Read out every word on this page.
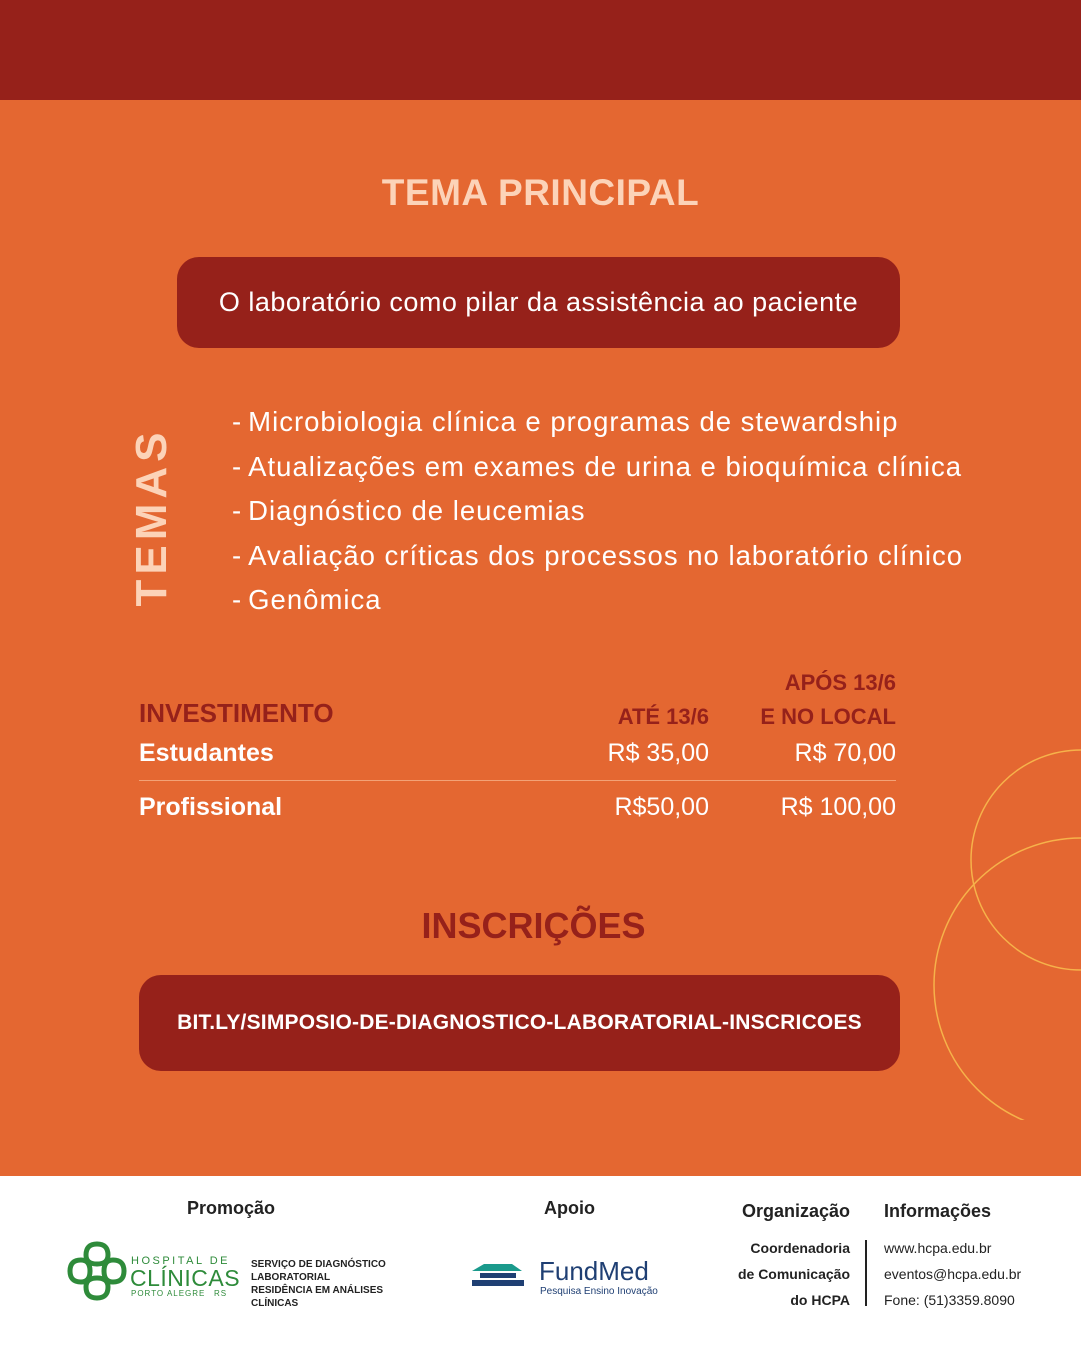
TEMA PRINCIPAL
O laboratório como pilar da assistência ao paciente
TEMAS
- Microbiologia clínica e programas de stewardship
- Atualizações em exames de urina e bioquímica clínica
- Diagnóstico de leucemias
- Avaliação críticas dos processos no laboratório clínico
- Genômica
INVESTIMENTO	ATÉ 13/6
APÓS 13/6
E NO LOCAL
Estudantes	R$ 35,00	R$ 70,00
Profissional	R$50,00	R$ 100,00
INSCRIÇÕES
BIT.LY/SIMPOSIO-DE-DIAGNOSTICO-LABORATORIAL-INSCRICOES
Promoção
HOSPITAL DE
CLÍNICAS
PORTO ALEGRE RS
SERVIÇO DE DIAGNÓSTICO
LABORATORIAL
RESIDÊNCIA EM ANÁLISES
CLÍNICAS
Apoio
FundMed
Pesquisa Ensino Inovação
Organização
Coordenadoria
de Comunicação
do HCPA
Informações
www.hcpa.edu.br
eventos@hcpa.edu.br
Fone: (51)3359.8090
